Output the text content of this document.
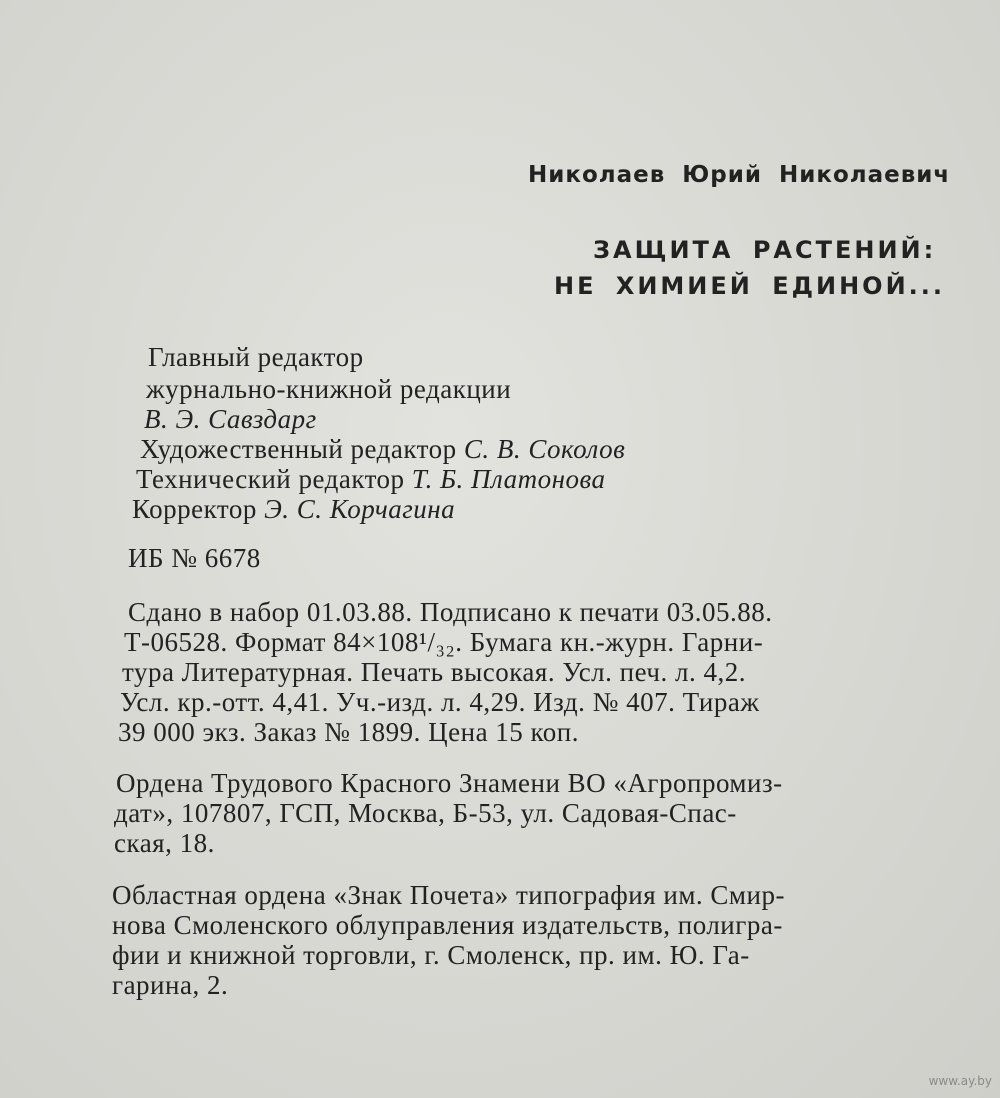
Николаев Юрий Николаевич
ЗАЩИТА РАСТЕНИЙ:
НЕ ХИМИЕЙ ЕДИНОЙ...
Главный редактор
журнально-книжной редакции
В. Э. Савздарг
Художественный редактор С. В. Соколов
Технический редактор Т. Б. Платонова
Корректор Э. С. Корчагина
ИБ № 6678
Сдано в набор 01.03.88. Подписано к печати 03.05.88.
Т-06528. Формат 84×108¹/₃₂. Бумага кн.-журн. Гарни-
тура Литературная. Печать высокая. Усл. печ. л. 4,2.
Усл. кр.-отт. 4,41. Уч.-изд. л. 4,29. Изд. № 407. Тираж
39 000 экз. Заказ № 1899. Цена 15 коп.
Ордена Трудового Красного Знамени ВО «Агропромиз-
дат», 107807, ГСП, Москва, Б-53, ул. Садовая-Спас-
ская, 18.
Областная ордена «Знак Почета» типография им. Смир-
нова Смоленского облуправления издательств, полигра-
фии и книжной торговли, г. Смоленск, пр. им. Ю. Га-
гарина, 2.
www.ay.by
